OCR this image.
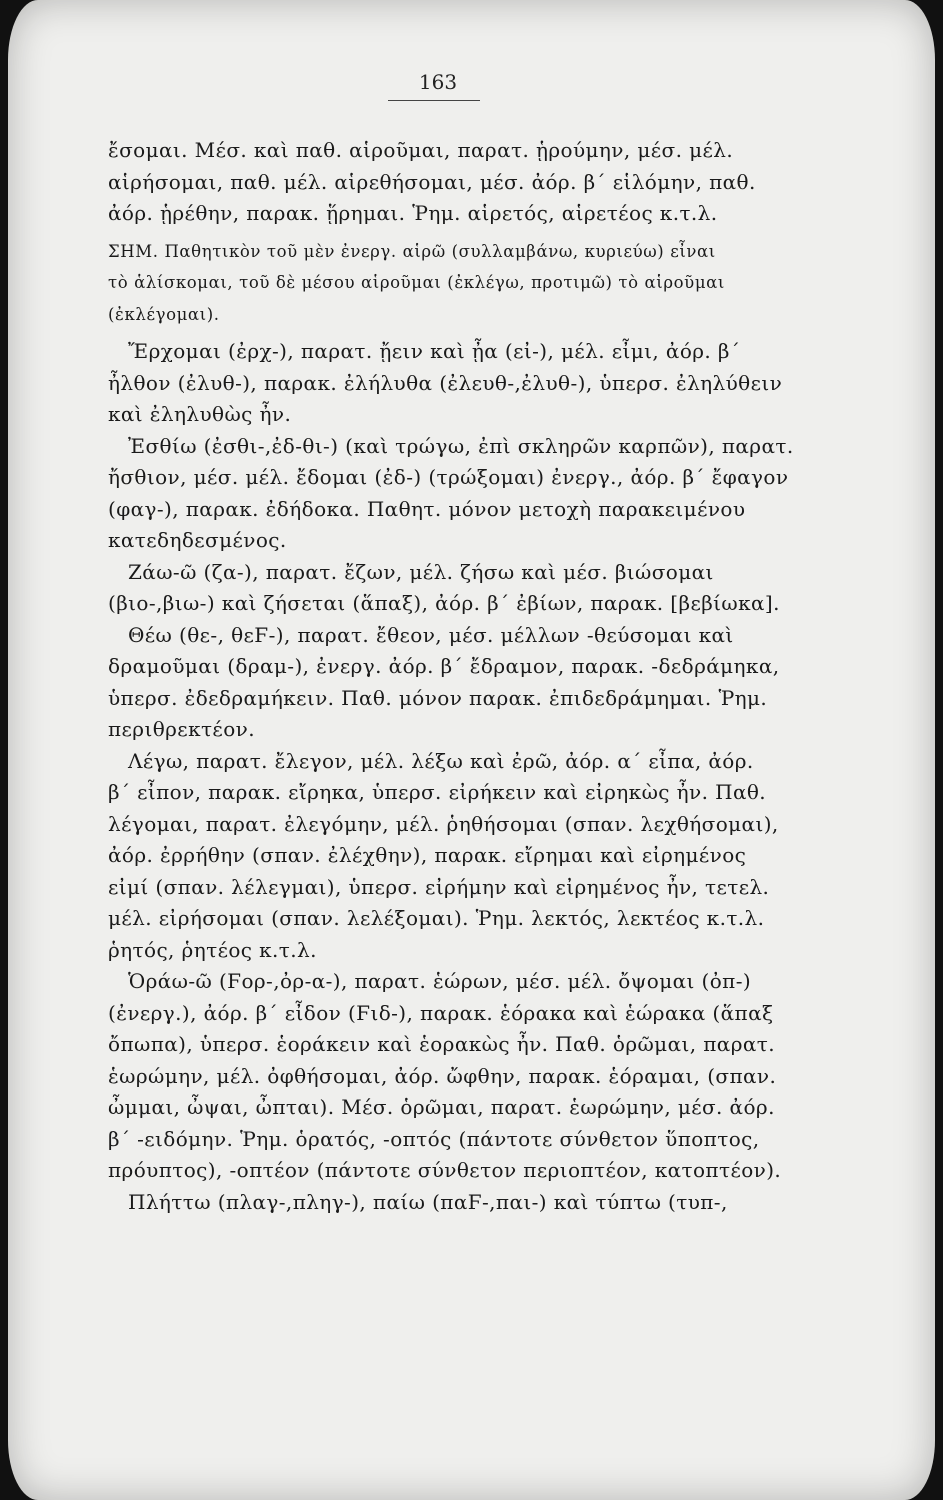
163
ἔσομαι. Μέσ. καὶ παθ. αἱροῦμαι, παρατ. ᾑρούμην, μέσ. μέλ.
αἱρήσομαι, παθ. μέλ. αἱρεθήσομαι, μέσ. ἀόρ. β΄ εἱλόμην, παθ.
ἀόρ. ᾑρέθην, παρακ. ᾕρημαι. Ῥημ. αἱρετός, αἱρετέος κ.τ.λ.
ΣΗΜ. Παθητικὸν τοῦ μὲν ἐνεργ. αἱρῶ (συλλαμβάνω, κυριεύω) εἶναι
τὸ ἁλίσκομαι, τοῦ δὲ μέσου αἱροῦμαι (ἐκλέγω, προτιμῶ) τὸ αἱροῦμαι
(ἐκλέγομαι).
Ἔρχομαι (ἐρχ-), παρατ. ᾔειν καὶ ᾖα (εἰ-), μέλ. εἶμι, ἀόρ. β΄
ἦλθον (ἐλυθ-), παρακ. ἐλήλυθα (ἐλευθ-,ἐλυθ-), ὑπερσ. ἐληλύθειν
καὶ ἐληλυθὼς ἦν.
Ἐσθίω (ἐσθι-,ἐδ-θι-) (καὶ τρώγω, ἐπὶ σκληρῶν καρπῶν), παρατ.
ἤσθιον, μέσ. μέλ. ἔδομαι (ἐδ-) (τρώξομαι) ἐνεργ., ἀόρ. β΄ ἔφαγον
(φαγ-), παρακ. ἐδήδοκα. Παθητ. μόνον μετοχὴ παρακειμένου
κατεδηδεσμένος.
Ζάω-ῶ (ζα-), παρατ. ἔζων, μέλ. ζήσω καὶ μέσ. βιώσομαι
(βιο-,βιω-) καὶ ζήσεται (ἅπαξ), ἀόρ. β΄ ἐβίων, παρακ. [βεβίωκα].
Θέω (θε-, θεϜ-), παρατ. ἔθεον, μέσ. μέλλων -θεύσομαι καὶ
δραμοῦμαι (δραμ-), ἐνεργ. ἀόρ. β΄ ἔδραμον, παρακ. -δεδράμηκα,
ὑπερσ. ἐδεδραμήκειν. Παθ. μόνον παρακ. ἐπιδεδράμημαι. Ῥημ.
περιθρεκτέον.
Λέγω, παρατ. ἔλεγον, μέλ. λέξω καὶ ἐρῶ, ἀόρ. α΄ εἶπα, ἀόρ.
β΄ εἶπον, παρακ. εἴρηκα, ὑπερσ. εἰρήκειν καὶ εἰρηκὼς ἦν. Παθ.
λέγομαι, παρατ. ἐλεγόμην, μέλ. ῥηθήσομαι (σπαν. λεχθήσομαι),
ἀόρ. ἐρρήθην (σπαν. ἐλέχθην), παρακ. εἴρημαι καὶ εἰρημένος
εἰμί (σπαν. λέλεγμαι), ὑπερσ. εἰρήμην καὶ εἰρημένος ἦν, τετελ.
μέλ. εἰρήσομαι (σπαν. λελέξομαι). Ῥημ. λεκτός, λεκτέος κ.τ.λ.
ῥητός, ῥητέος κ.τ.λ.
Ὁράω-ῶ (Ϝορ-,ὀρ-α-), παρατ. ἑώρων, μέσ. μέλ. ὄψομαι (ὀπ-)
(ἐνεργ.), ἀόρ. β΄ εἶδον (Ϝιδ-), παρακ. ἑόρακα καὶ ἑώρακα (ἅπαξ
ὄπωπα), ὑπερσ. ἑοράκειν καὶ ἑορακὼς ἦν. Παθ. ὁρῶμαι, παρατ.
ἑωρώμην, μέλ. ὀφθήσομαι, ἀόρ. ὤφθην, παρακ. ἑόραμαι, (σπαν.
ὦμμαι, ὦψαι, ὦπται). Μέσ. ὁρῶμαι, παρατ. ἑωρώμην, μέσ. ἀόρ.
β΄ -ειδόμην. Ῥημ. ὁρατός, -οπτός (πάντοτε σύνθετον ὕποπτος,
πρόυπτος), -οπτέον (πάντοτε σύνθετον περιοπτέον, κατοπτέον).
Πλήττω (πλαγ-,πληγ-), παίω (παϜ-,παι-) καὶ τύπτω (τυπ-,
